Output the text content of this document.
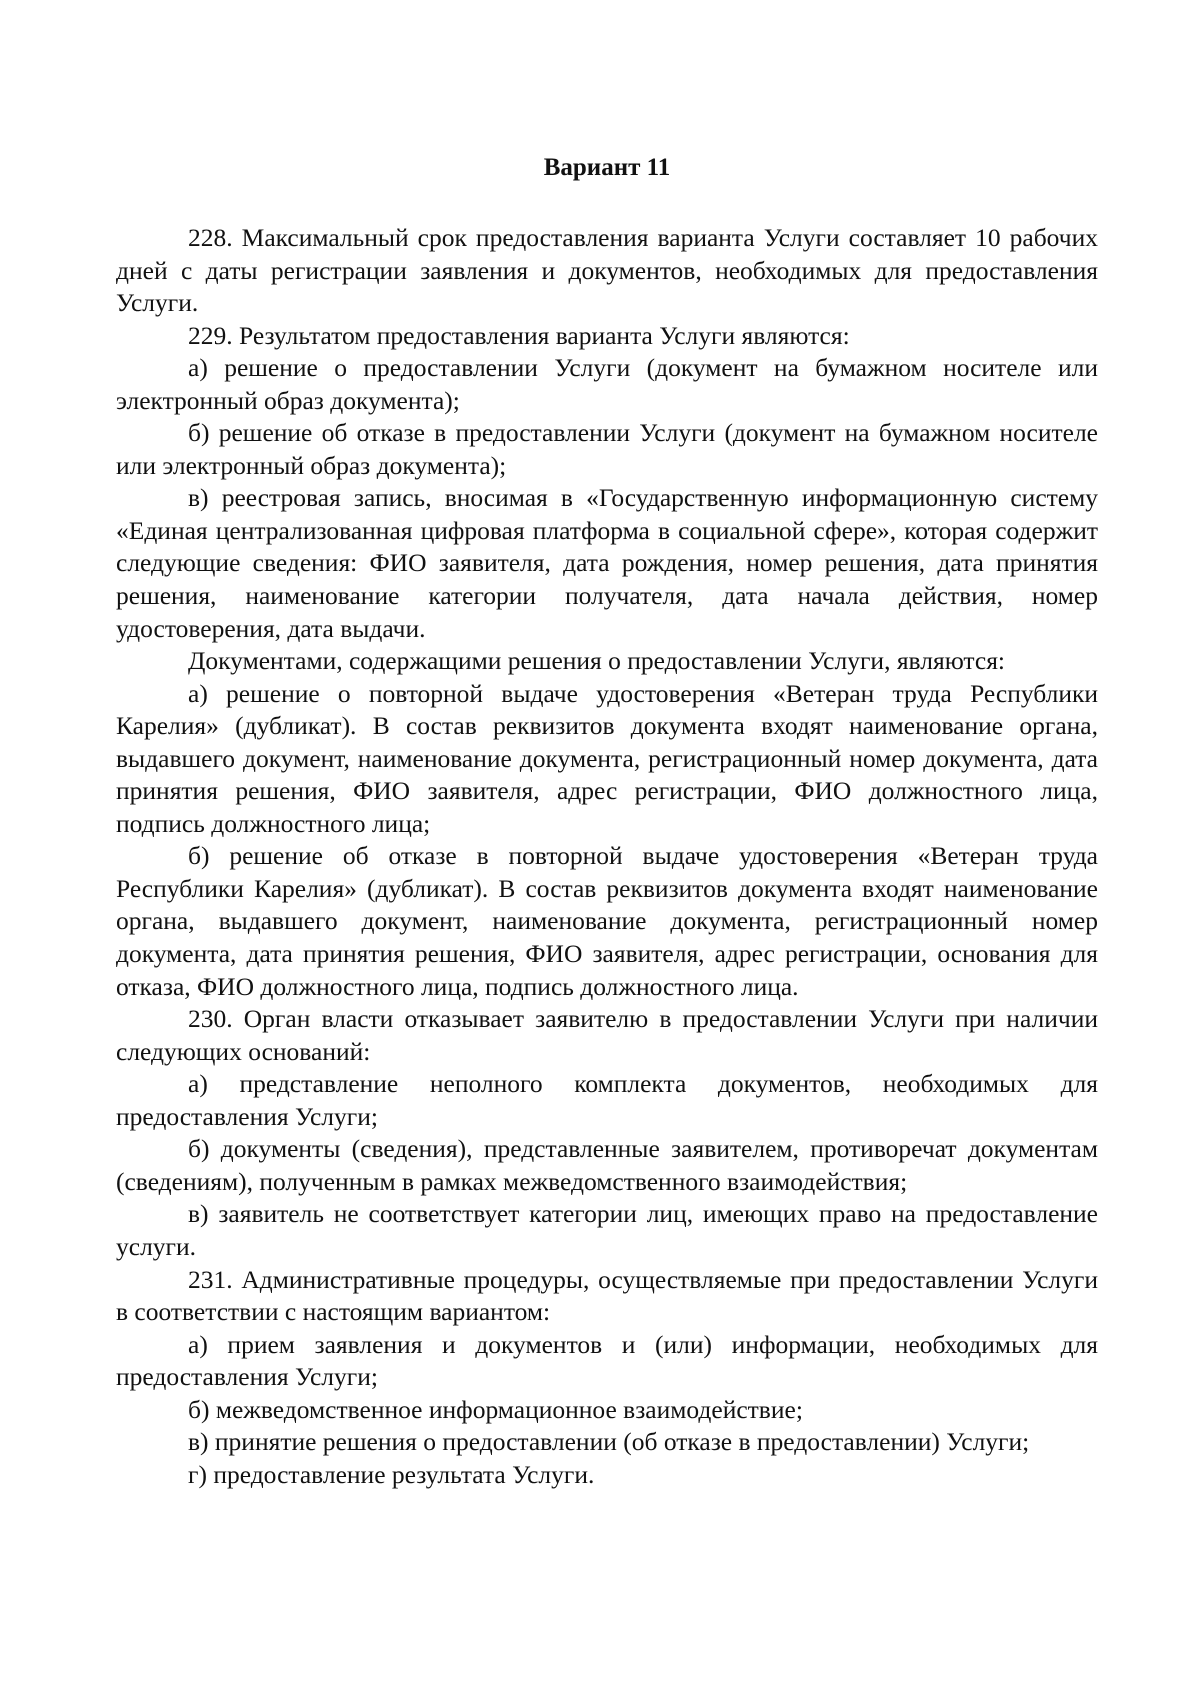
Вариант 11

228. Максимальный срок предоставления варианта Услуги составляет 10 рабочих дней с даты регистрации заявления и документов, необходимых для предоставления Услуги.

229. Результатом предоставления варианта Услуги являются:

а) решение о предоставлении Услуги (документ на бумажном носителе или электронный образ документа);

б) решение об отказе в предоставлении Услуги (документ на бумажном носителе или электронный образ документа);

в) реестровая запись, вносимая в «Государственную информационную систему «Единая централизованная цифровая платформа в социальной сфере», которая содержит следующие сведения: ФИО заявителя, дата рождения, номер решения, дата принятия решения, наименование категории получателя, дата начала действия, номер удостоверения, дата выдачи.

Документами, содержащими решения о предоставлении Услуги, являются:

а) решение о повторной выдаче удостоверения «Ветеран труда Республики Карелия» (дубликат). В состав реквизитов документа входят наименование органа, выдавшего документ, наименование документа, регистрационный номер документа, дата принятия решения, ФИО заявителя, адрес регистрации, ФИО должностного лица, подпись должностного лица;

б) решение об отказе в повторной выдаче удостоверения «Ветеран труда Республики Карелия» (дубликат). В состав реквизитов документа входят наименование органа, выдавшего документ, наименование документа, регистрационный номер документа, дата принятия решения, ФИО заявителя, адрес регистрации, основания для отказа, ФИО должностного лица, подпись должностного лица.

230. Орган власти отказывает заявителю в предоставлении Услуги при наличии следующих оснований:

а) представление неполного комплекта документов, необходимых для предоставления Услуги;

б) документы (сведения), представленные заявителем, противоречат документам (сведениям), полученным в рамках межведомственного взаимодействия;

в) заявитель не соответствует категории лиц, имеющих право на предоставление услуги.

231. Административные процедуры, осуществляемые при предоставлении Услуги в соответствии с настоящим вариантом:

а) прием заявления и документов и (или) информации, необходимых для предоставления Услуги;

б) межведомственное информационное взаимодействие;

в) принятие решения о предоставлении (об отказе в предоставлении) Услуги;

г) предоставление результата Услуги.
